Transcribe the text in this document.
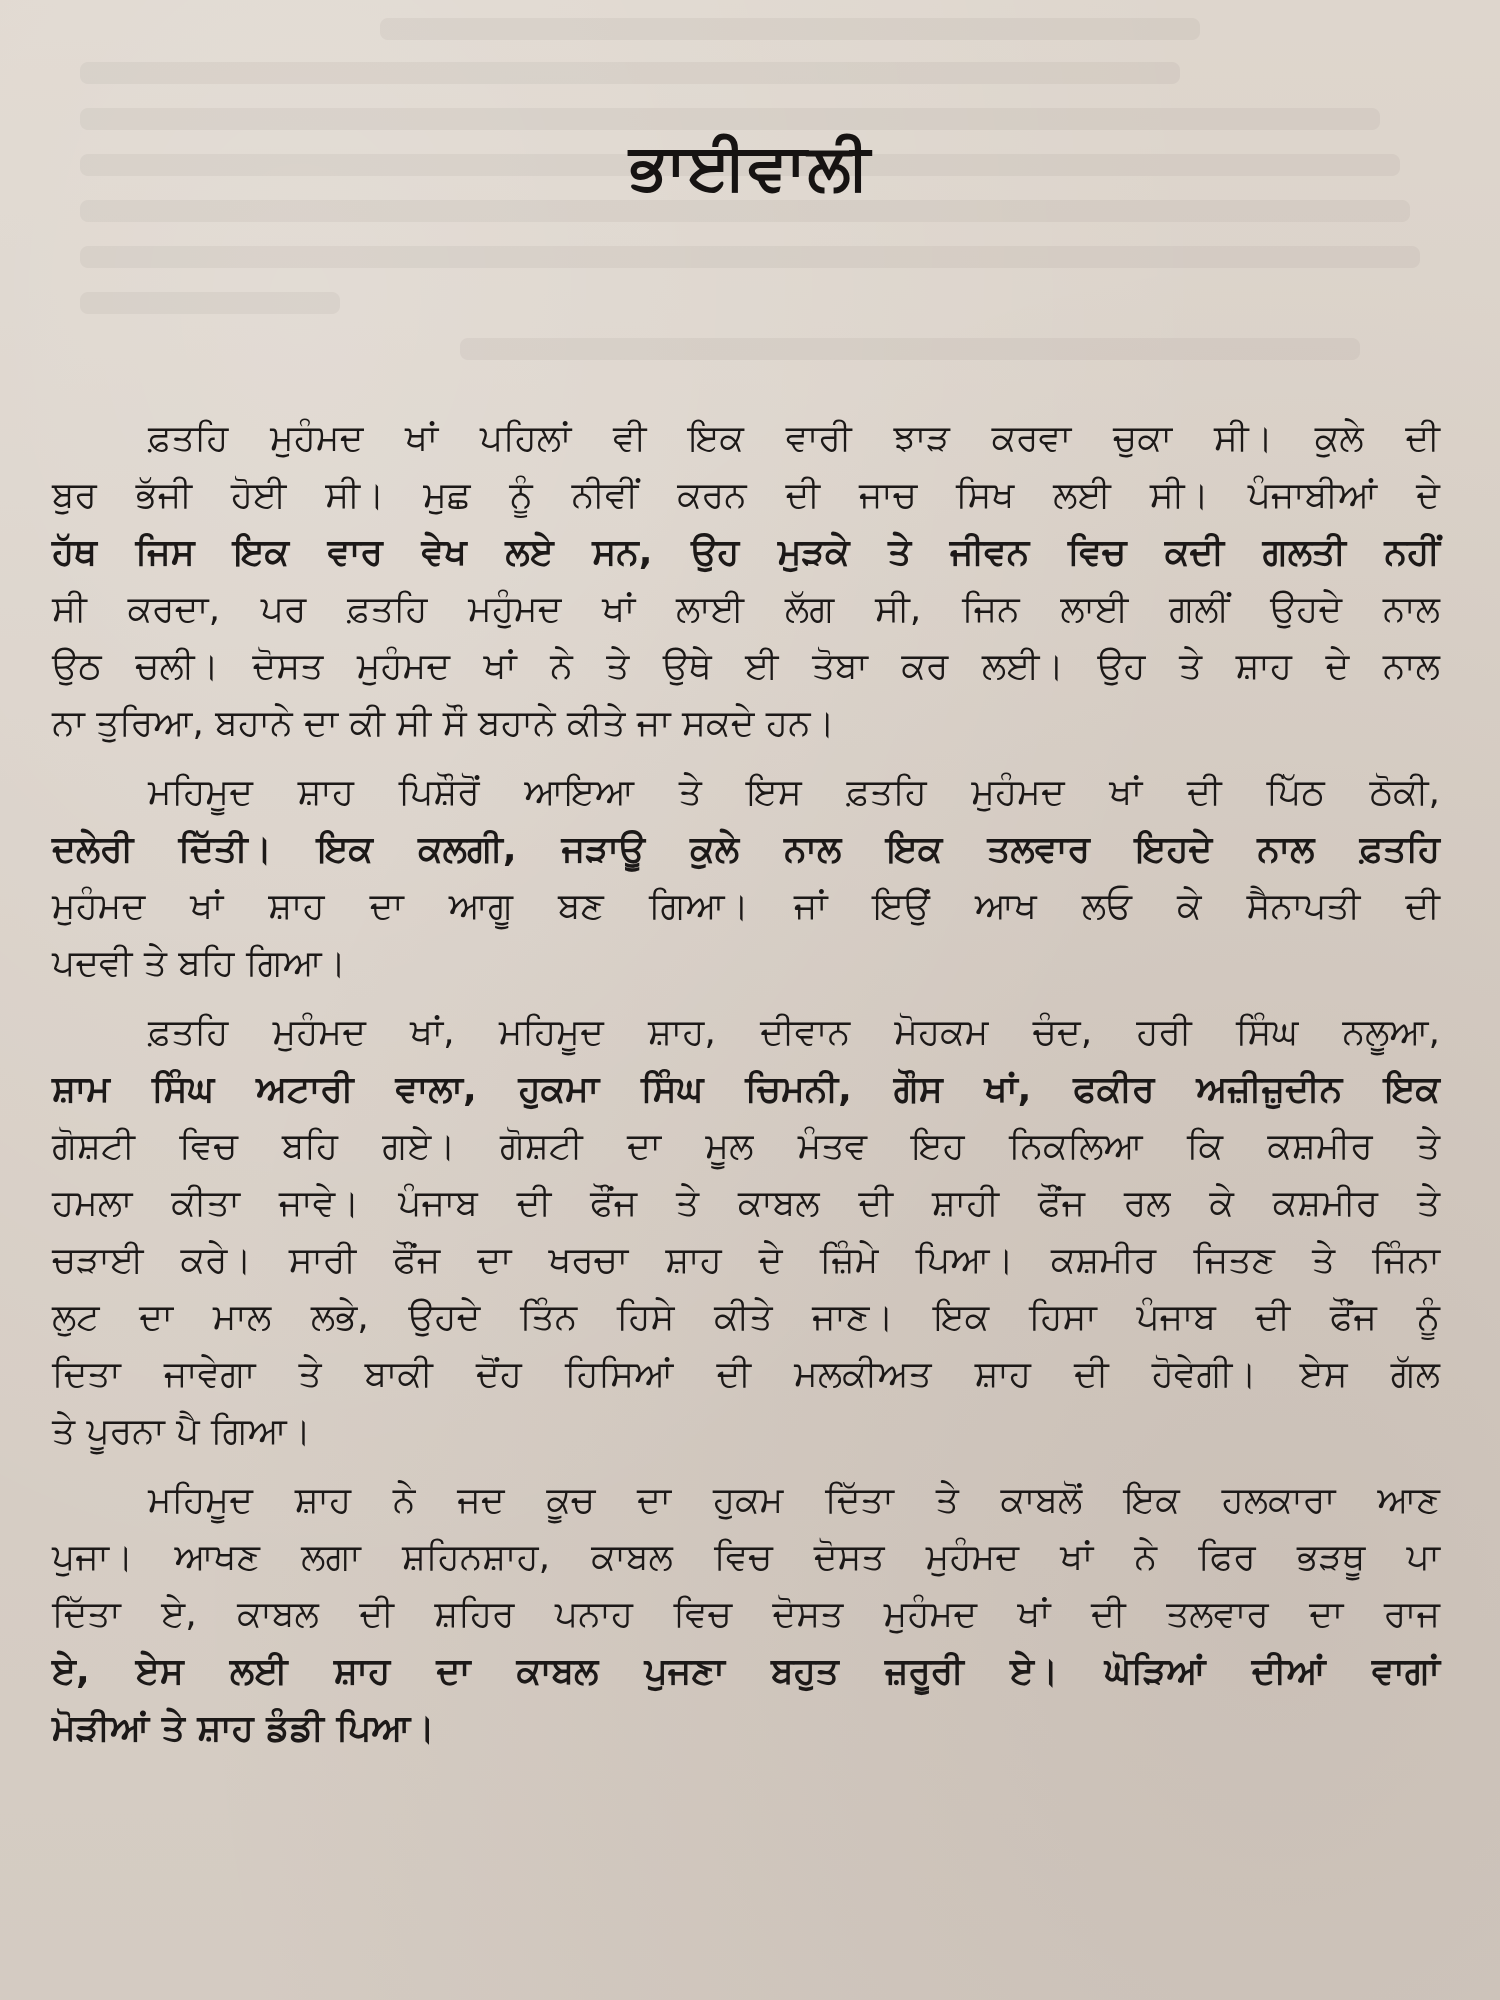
ਭਾਈਵਾਲੀ
ਫ਼ਤਹਿ ਮੁਹੰਮਦ ਖਾਂ ਪਹਿਲਾਂ ਵੀ ਇਕ ਵਾਰੀ ਝਾੜ ਕਰਵਾ ਚੁਕਾ ਸੀ। ਕੁਲੇ ਦੀ
ਬੁਰ ਭੱਜੀ ਹੋਈ ਸੀ। ਮੁਛ ਨੂੰ ਨੀਵੀਂ ਕਰਨ ਦੀ ਜਾਚ ਸਿਖ ਲਈ ਸੀ। ਪੰਜਾਬੀਆਂ ਦੇ
ਹੱਥ ਜਿਸ ਇਕ ਵਾਰ ਵੇਖ ਲਏ ਸਨ, ਉਹ ਮੁੜਕੇ ਤੇ ਜੀਵਨ ਵਿਚ ਕਦੀ ਗਲਤੀ ਨਹੀਂ
ਸੀ ਕਰਦਾ, ਪਰ ਫ਼ਤਹਿ ਮਹੁੰਮਦ ਖਾਂ ਲਾਈ ਲੱਗ ਸੀ, ਜਿਨ ਲਾਈ ਗਲੀਂ ਉਹਦੇ ਨਾਲ
ਉਠ ਚਲੀ। ਦੋਸਤ ਮੁਹੰਮਦ ਖਾਂ ਨੇ ਤੇ ਉਥੇ ਈ ਤੋਬਾ ਕਰ ਲਈ। ਉਹ ਤੇ ਸ਼ਾਹ ਦੇ ਨਾਲ
ਨਾ ਤੁਰਿਆ, ਬਹਾਨੇ ਦਾ ਕੀ ਸੀ ਸੌ ਬਹਾਨੇ ਕੀਤੇ ਜਾ ਸਕਦੇ ਹਨ।
ਮਹਿਮੂਦ ਸ਼ਾਹ ਪਿਸ਼ੌਰੋਂ ਆਇਆ ਤੇ ਇਸ ਫ਼ਤਹਿ ਮੁਹੰਮਦ ਖਾਂ ਦੀ ਪਿੱਠ ਠੋਕੀ,
ਦਲੇਰੀ ਦਿੱਤੀ। ਇਕ ਕਲਗੀ, ਜੜਾਊ ਕੁਲੇ ਨਾਲ ਇਕ ਤਲਵਾਰ ਇਹਦੇ ਨਾਲ ਫ਼ਤਹਿ
ਮੁਹੰਮਦ ਖਾਂ ਸ਼ਾਹ ਦਾ ਆਗੂ ਬਣ ਗਿਆ। ਜਾਂ ਇਉਂ ਆਖ ਲਓ ਕੇ ਸੈਨਾਪਤੀ ਦੀ
ਪਦਵੀ ਤੇ ਬਹਿ ਗਿਆ।
ਫ਼ਤਹਿ ਮੁਹੰਮਦ ਖਾਂ, ਮਹਿਮੂਦ ਸ਼ਾਹ, ਦੀਵਾਨ ਮੋਹਕਮ ਚੰਦ, ਹਰੀ ਸਿੰਘ ਨਲੂਆ,
ਸ਼ਾਮ ਸਿੰਘ ਅਟਾਰੀ ਵਾਲਾ, ਹੁਕਮਾ ਸਿੰਘ ਚਿਮਨੀ, ਗੌਸ ਖਾਂ, ਫਕੀਰ ਅਜ਼ੀਜ਼ੁਦੀਨ ਇਕ
ਗੋਸ਼ਟੀ ਵਿਚ ਬਹਿ ਗਏ। ਗੋਸ਼ਟੀ ਦਾ ਮੂਲ ਮੰਤਵ ਇਹ ਨਿਕਲਿਆ ਕਿ ਕਸ਼ਮੀਰ ਤੇ
ਹਮਲਾ ਕੀਤਾ ਜਾਵੇ। ਪੰਜਾਬ ਦੀ ਫੌਂਜ ਤੇ ਕਾਬਲ ਦੀ ਸ਼ਾਹੀ ਫੌਂਜ ਰਲ ਕੇ ਕਸ਼ਮੀਰ ਤੇ
ਚੜਾਈ ਕਰੇ। ਸਾਰੀ ਫੌਂਜ ਦਾ ਖਰਚਾ ਸ਼ਾਹ ਦੇ ਜ਼ਿੰਮੇ ਪਿਆ। ਕਸ਼ਮੀਰ ਜਿਤਣ ਤੇ ਜਿੰਨਾ
ਲੁਟ ਦਾ ਮਾਲ ਲਭੇ, ਉਹਦੇ ਤਿੰਨ ਹਿਸੇ ਕੀਤੇ ਜਾਣ। ਇਕ ਹਿਸਾ ਪੰਜਾਬ ਦੀ ਫੌਂਜ ਨੂੰ
ਦਿਤਾ ਜਾਵੇਗਾ ਤੇ ਬਾਕੀ ਦੋਂਹ ਹਿਸਿਆਂ ਦੀ ਮਲਕੀਅਤ ਸ਼ਾਹ ਦੀ ਹੋਵੇਗੀ। ਏਸ ਗੱਲ
ਤੇ ਪੂਰਨਾ ਪੈ ਗਿਆ।
ਮਹਿਮੂਦ ਸ਼ਾਹ ਨੇ ਜਦ ਕੂਚ ਦਾ ਹੁਕਮ ਦਿੱਤਾ ਤੇ ਕਾਬਲੋਂ ਇਕ ਹਲਕਾਰਾ ਆਣ
ਪੁਜਾ। ਆਖਣ ਲਗਾ ਸ਼ਹਿਨਸ਼ਾਹ, ਕਾਬਲ ਵਿਚ ਦੋਸਤ ਮੁਹੰਮਦ ਖਾਂ ਨੇ ਫਿਰ ਭੜਥੂ ਪਾ
ਦਿੱਤਾ ਏ, ਕਾਬਲ ਦੀ ਸ਼ਹਿਰ ਪਨਾਹ ਵਿਚ ਦੋਸਤ ਮੁਹੰਮਦ ਖਾਂ ਦੀ ਤਲਵਾਰ ਦਾ ਰਾਜ
ਏ, ਏਸ ਲਈ ਸ਼ਾਹ ਦਾ ਕਾਬਲ ਪੁਜਣਾ ਬਹੁਤ ਜ਼ਰੂਰੀ ਏ। ਘੋੜਿਆਂ ਦੀਆਂ ਵਾਗਾਂ
ਮੋੜੀਆਂ ਤੇ ਸ਼ਾਹ ਡੰਡੀ ਪਿਆ।
